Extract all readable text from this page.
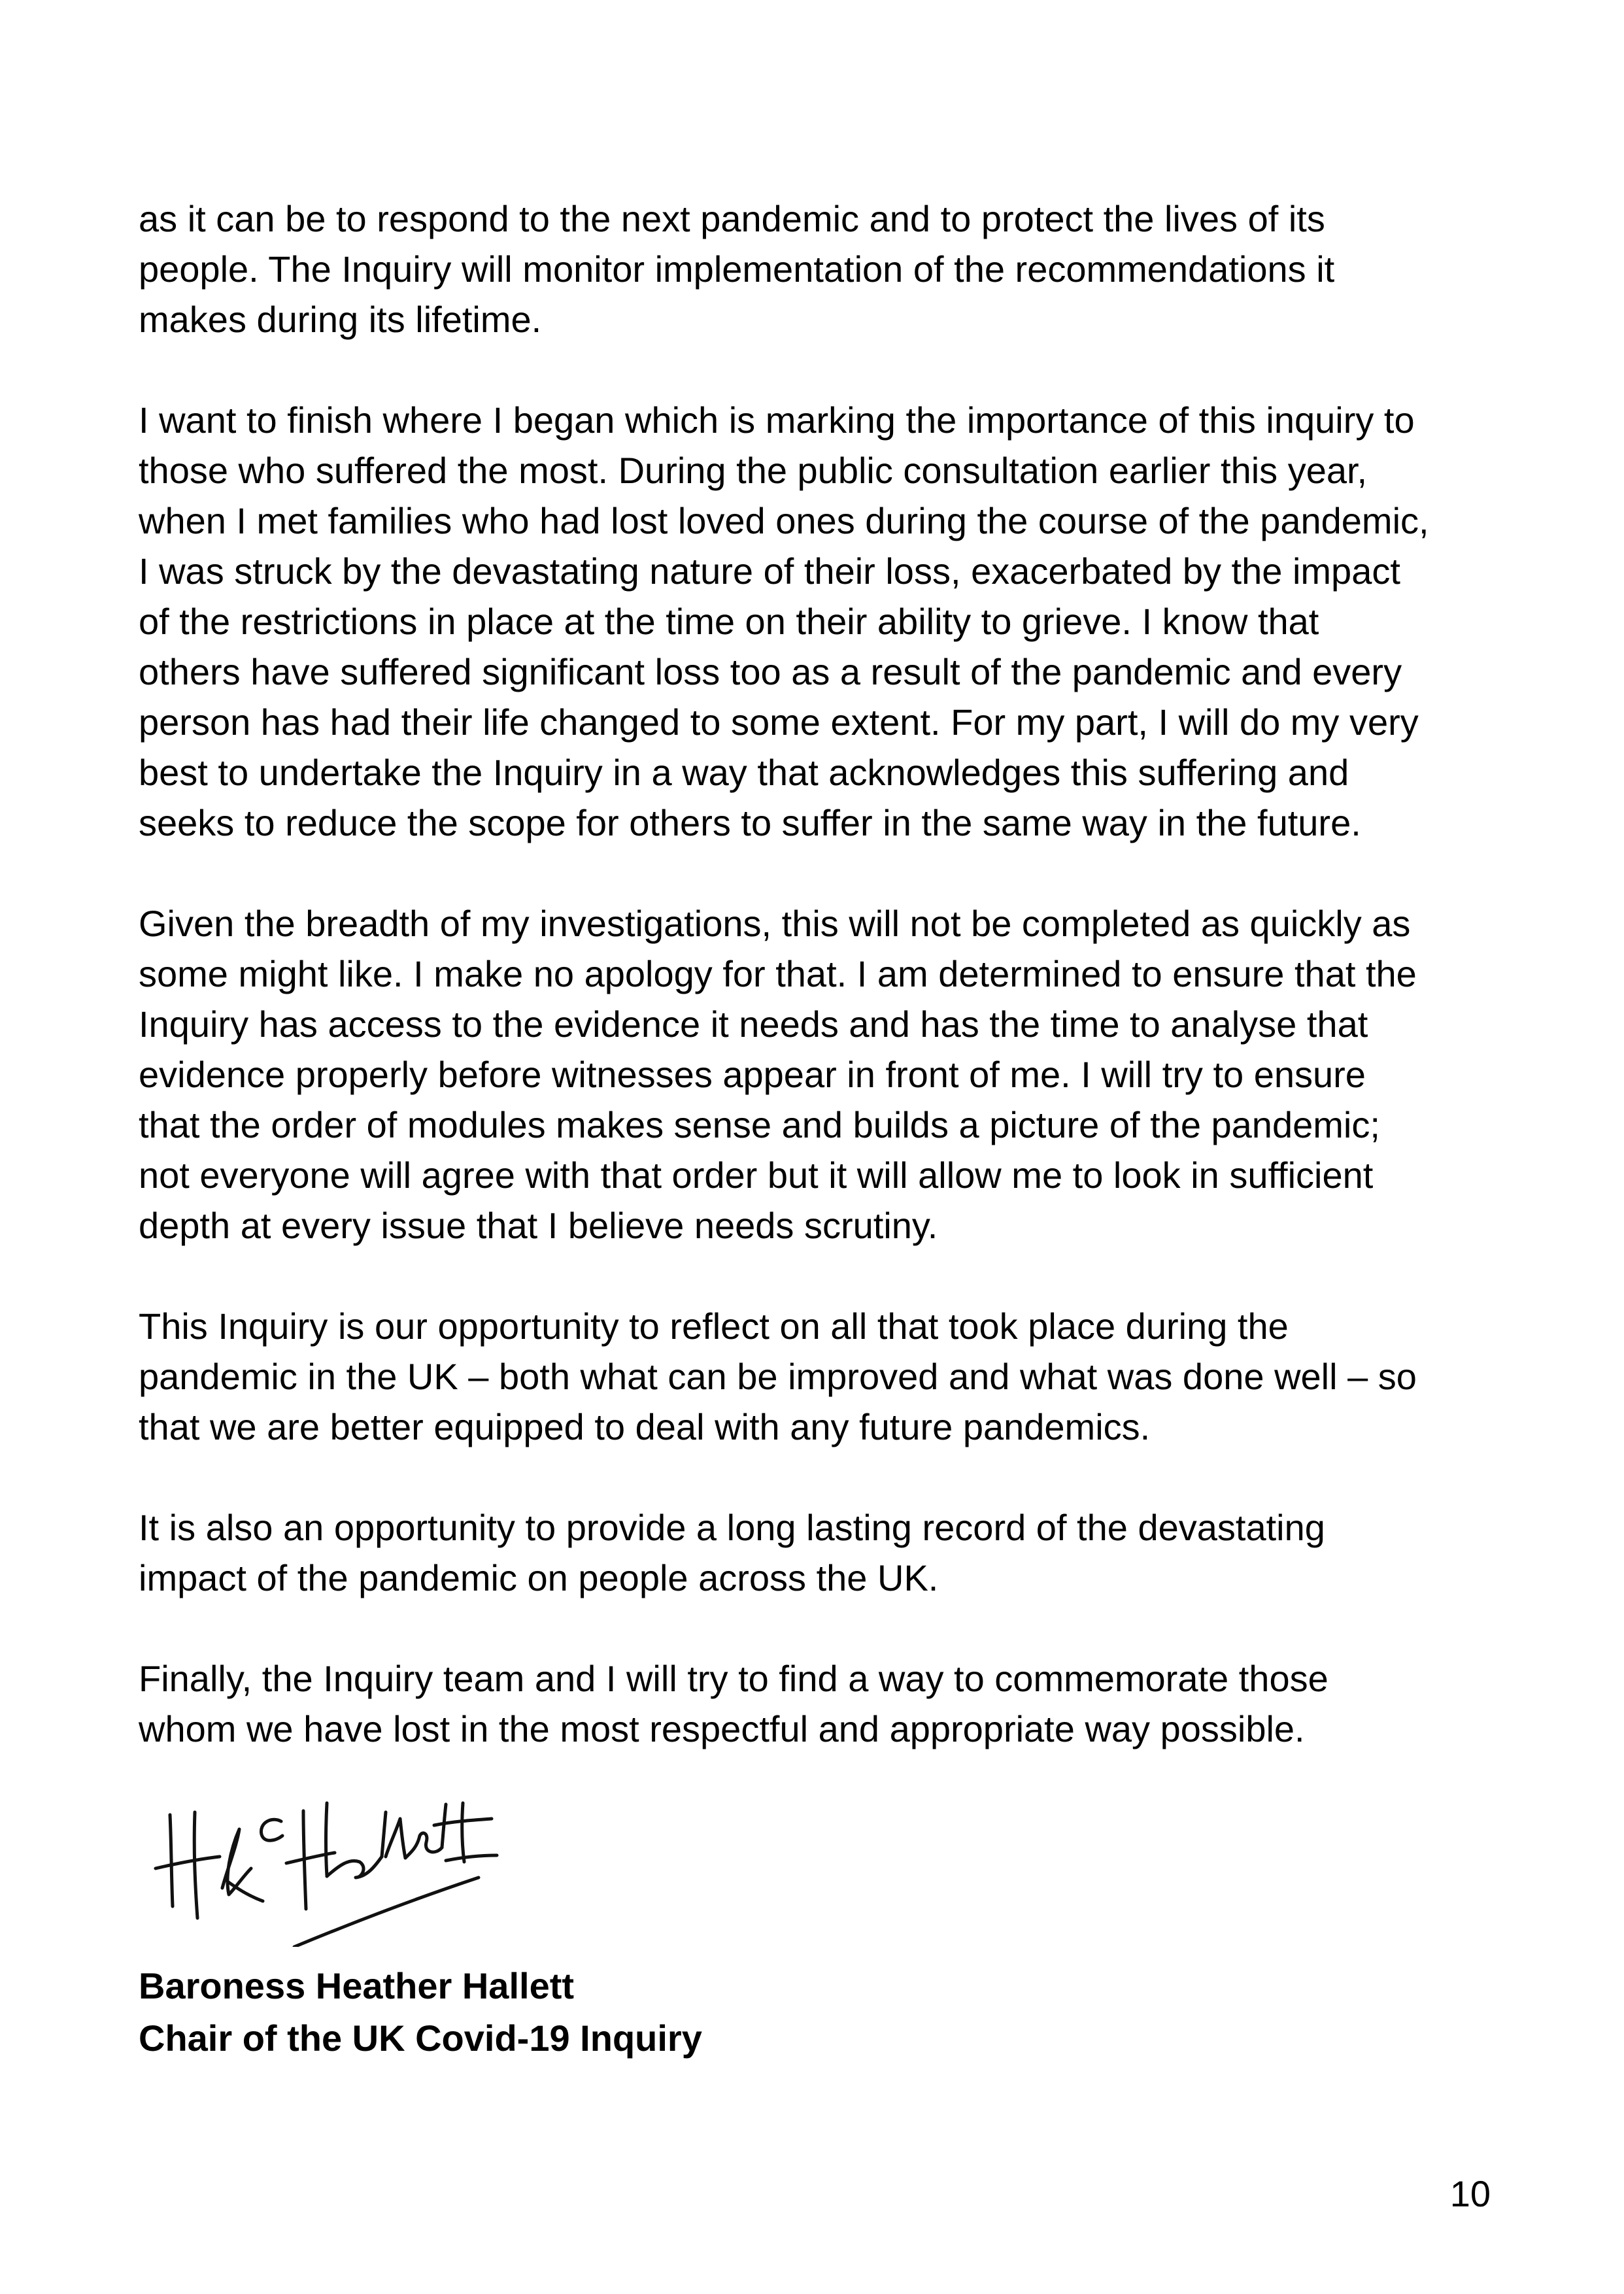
as it can be to respond to the next pandemic and to protect the lives of its
people. The Inquiry will monitor implementation of the recommendations it
makes during its lifetime.

I want to finish where I began which is marking the importance of this inquiry to
those who suffered the most. During the public consultation earlier this year,
when I met families who had lost loved ones during the course of the pandemic,
I was struck by the devastating nature of their loss, exacerbated by the impact
of the restrictions in place at the time on their ability to grieve. I know that
others have suffered significant loss too as a result of the pandemic and every
person has had their life changed to some extent. For my part, I will do my very
best to undertake the Inquiry in a way that acknowledges this suffering and
seeks to reduce the scope for others to suffer in the same way in the future.

Given the breadth of my investigations, this will not be completed as quickly as
some might like. I make no apology for that. I am determined to ensure that the
Inquiry has access to the evidence it needs and has the time to analyse that
evidence properly before witnesses appear in front of me. I will try to ensure
that the order of modules makes sense and builds a picture of the pandemic;
not everyone will agree with that order but it will allow me to look in sufficient
depth at every issue that I believe needs scrutiny.

This Inquiry is our opportunity to reflect on all that took place during the
pandemic in the UK – both what can be improved and what was done well – so
that we are better equipped to deal with any future pandemics.

It is also an opportunity to provide a long lasting record of the devastating
impact of the pandemic on people across the UK.

Finally, the Inquiry team and I will try to find a way to commemorate those
whom we have lost in the most respectful and appropriate way possible.

Baroness Heather Hallett
Chair of the UK Covid-19 Inquiry
10
